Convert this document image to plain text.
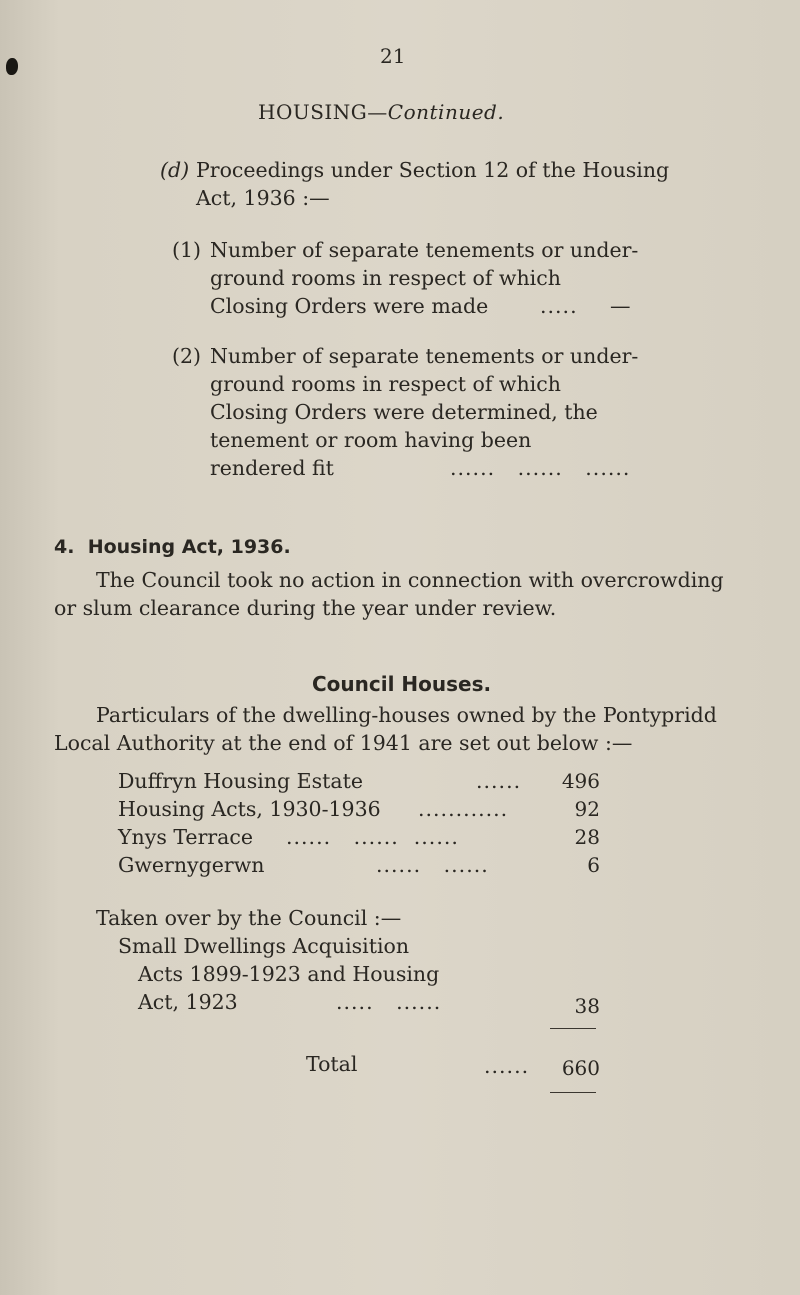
21
HOUSING—Continued.
(d) Proceedings under Section 12 of the Housing
Act, 1936 :—
(1) Number of separate tenements or under-
ground rooms in respect of which
Closing Orders were made	..... —
(2) Number of separate tenements or under-
ground rooms in respect of which
Closing Orders were determined, the
tenement or room having been
rendered fit	......   ......   ......
4. Housing Act, 1936.
The Council took no action in connection with overcrowding
or slum clearance during the year under review.
Council Houses.
Particulars of the dwelling-houses owned by the Pontypridd
Local Authority at the end of 1941 are set out below :—
Duffryn Housing Estate	......	496
Housing Acts, 1930-1936 ............	92
Ynys Terrace ......   ......  ......	28
Gwernygerwn	......   ......	6
Taken over by the Council :—
Small Dwellings Acquisition
Acts 1899-1923 and Housing
Act, 1923	.....   ......	38
Total	......	660
